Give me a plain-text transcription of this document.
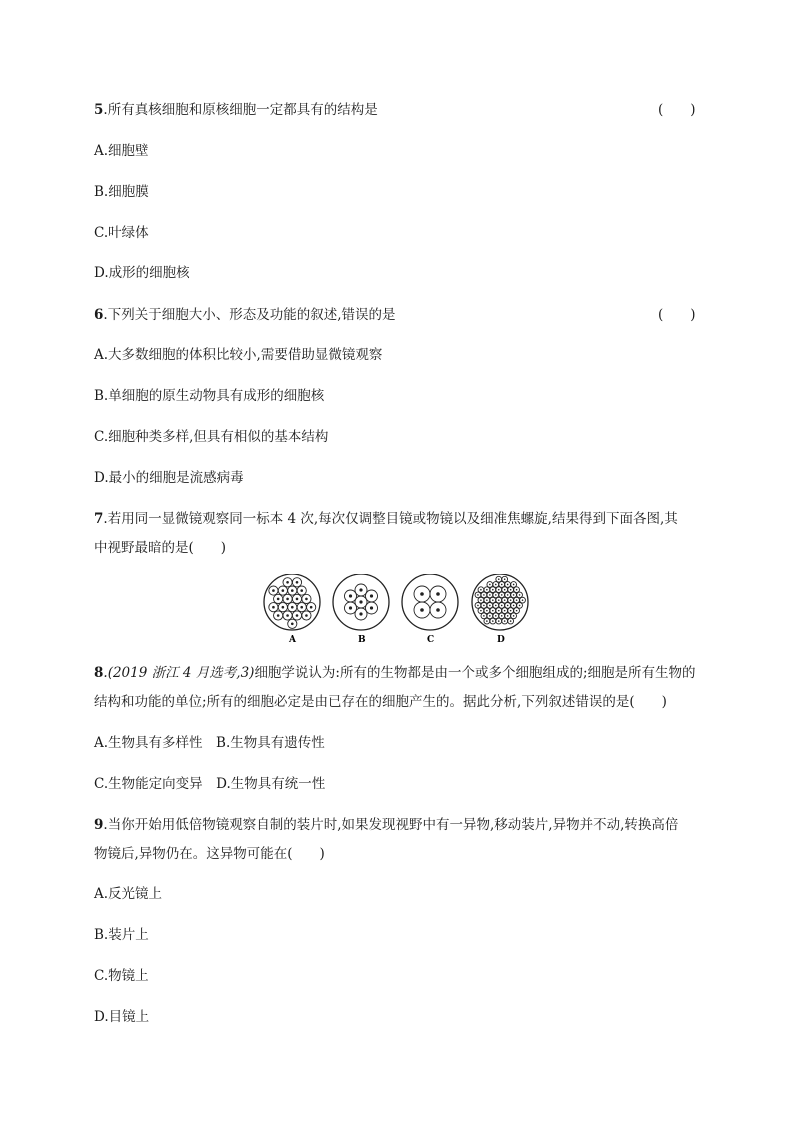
5.所有真核细胞和原核细胞一定都具有的结构是	(　　)
A.细胞壁
B.细胞膜
C.叶绿体
D.成形的细胞核
6.下列关于细胞大小、形态及功能的叙述,错误的是	(　　)
A.大多数细胞的体积比较小,需要借助显微镜观察
B.单细胞的原生动物具有成形的细胞核
C.细胞种类多样,但具有相似的基本结构
D.最小的细胞是流感病毒
7.若用同一显微镜观察同一标本 4 次,每次仅调整目镜或物镜以及细准焦螺旋,结果得到下面各图,其
中视野最暗的是(　　)
A	B	C	D
8.(2019 浙江 4 月选考,3)细胞学说认为:所有的生物都是由一个或多个细胞组成的;细胞是所有生物的
结构和功能的单位;所有的细胞必定是由已存在的细胞产生的。据此分析,下列叙述错误的是(　　)
A.生物具有多样性　B.生物具有遗传性
C.生物能定向变异　D.生物具有统一性
9.当你开始用低倍物镜观察自制的装片时,如果发现视野中有一异物,移动装片,异物并不动,转换高倍
物镜后,异物仍在。这异物可能在(　　)
A.反光镜上
B.装片上
C.物镜上
D.目镜上
